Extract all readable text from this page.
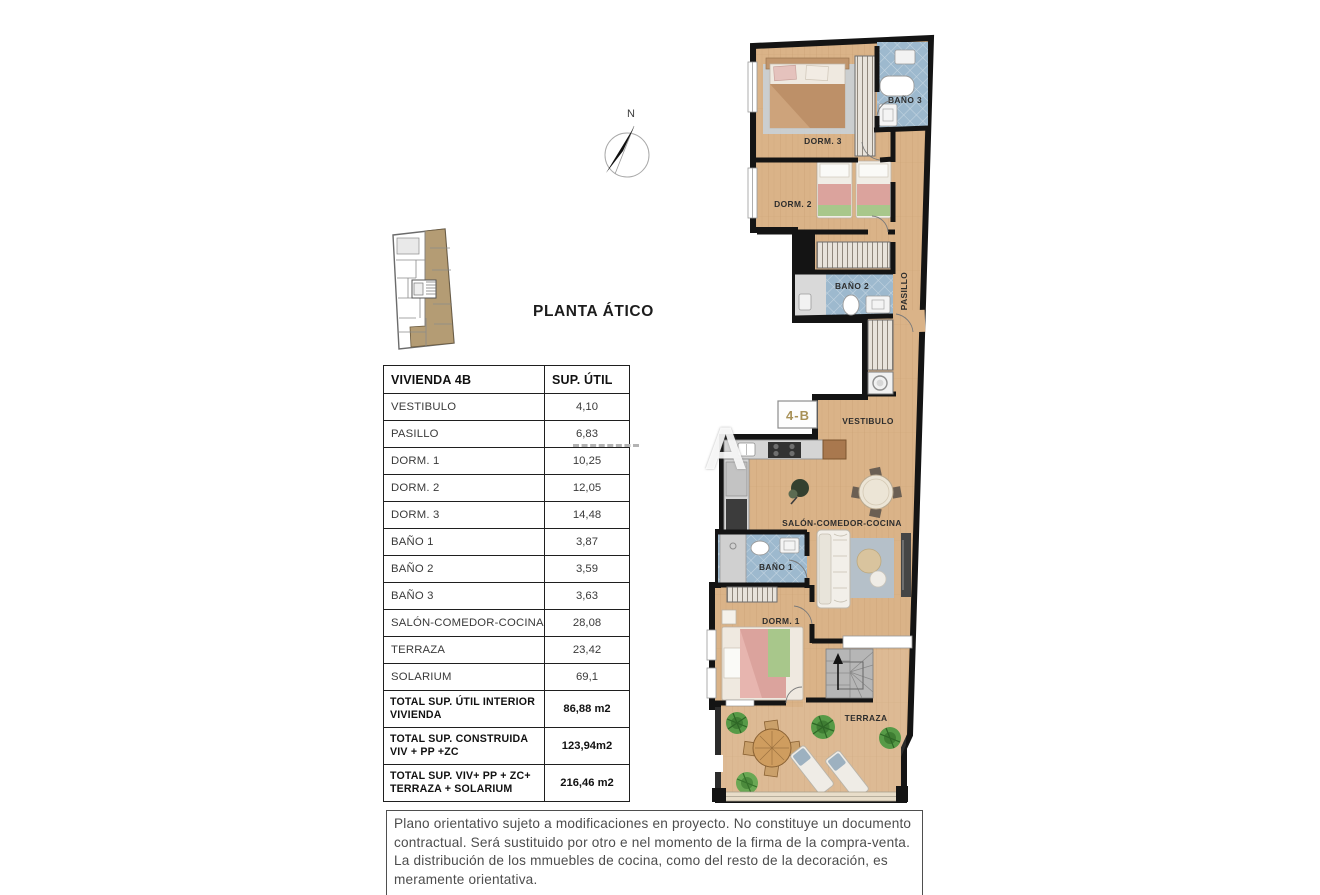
PLANTA ÁTICO
N
VIVIENDA 4B	SUP. ÚTIL
VESTIBULO	4,10
PASILLO	6,83
DORM. 1	10,25
DORM. 2	12,05
DORM. 3	14,48
BAÑO 1	3,87
BAÑO 2	3,59
BAÑO 3	3,63
SALÓN-COMEDOR-COCINA	28,08
TERRAZA	23,42
SOLARIUM	69,1
TOTAL SUP. ÚTIL INTERIOR VIVIENDA	86,88 m2
TOTAL SUP. CONSTRUIDA VIV + PP +ZC	123,94m2
TOTAL SUP. VIV+ PP + ZC+ TERRAZA + SOLARIUM	216,46 m2
A
DORM. 3
BAÑO 3
DORM. 2
BAÑO 2	PASILLO
VESTIBULO
4-B
SALÓN-COMEDOR-COCINA
BAÑO 1
DORM. 1
TERRAZA
Plano orientativo sujeto a modificaciones en proyecto. No constituye un documento contractual. Será sustituido por otro e nel momento de la firma de la compra-venta. La distribución de los mmuebles de cocina, como del resto de la decoración, es meramente orientativa.
